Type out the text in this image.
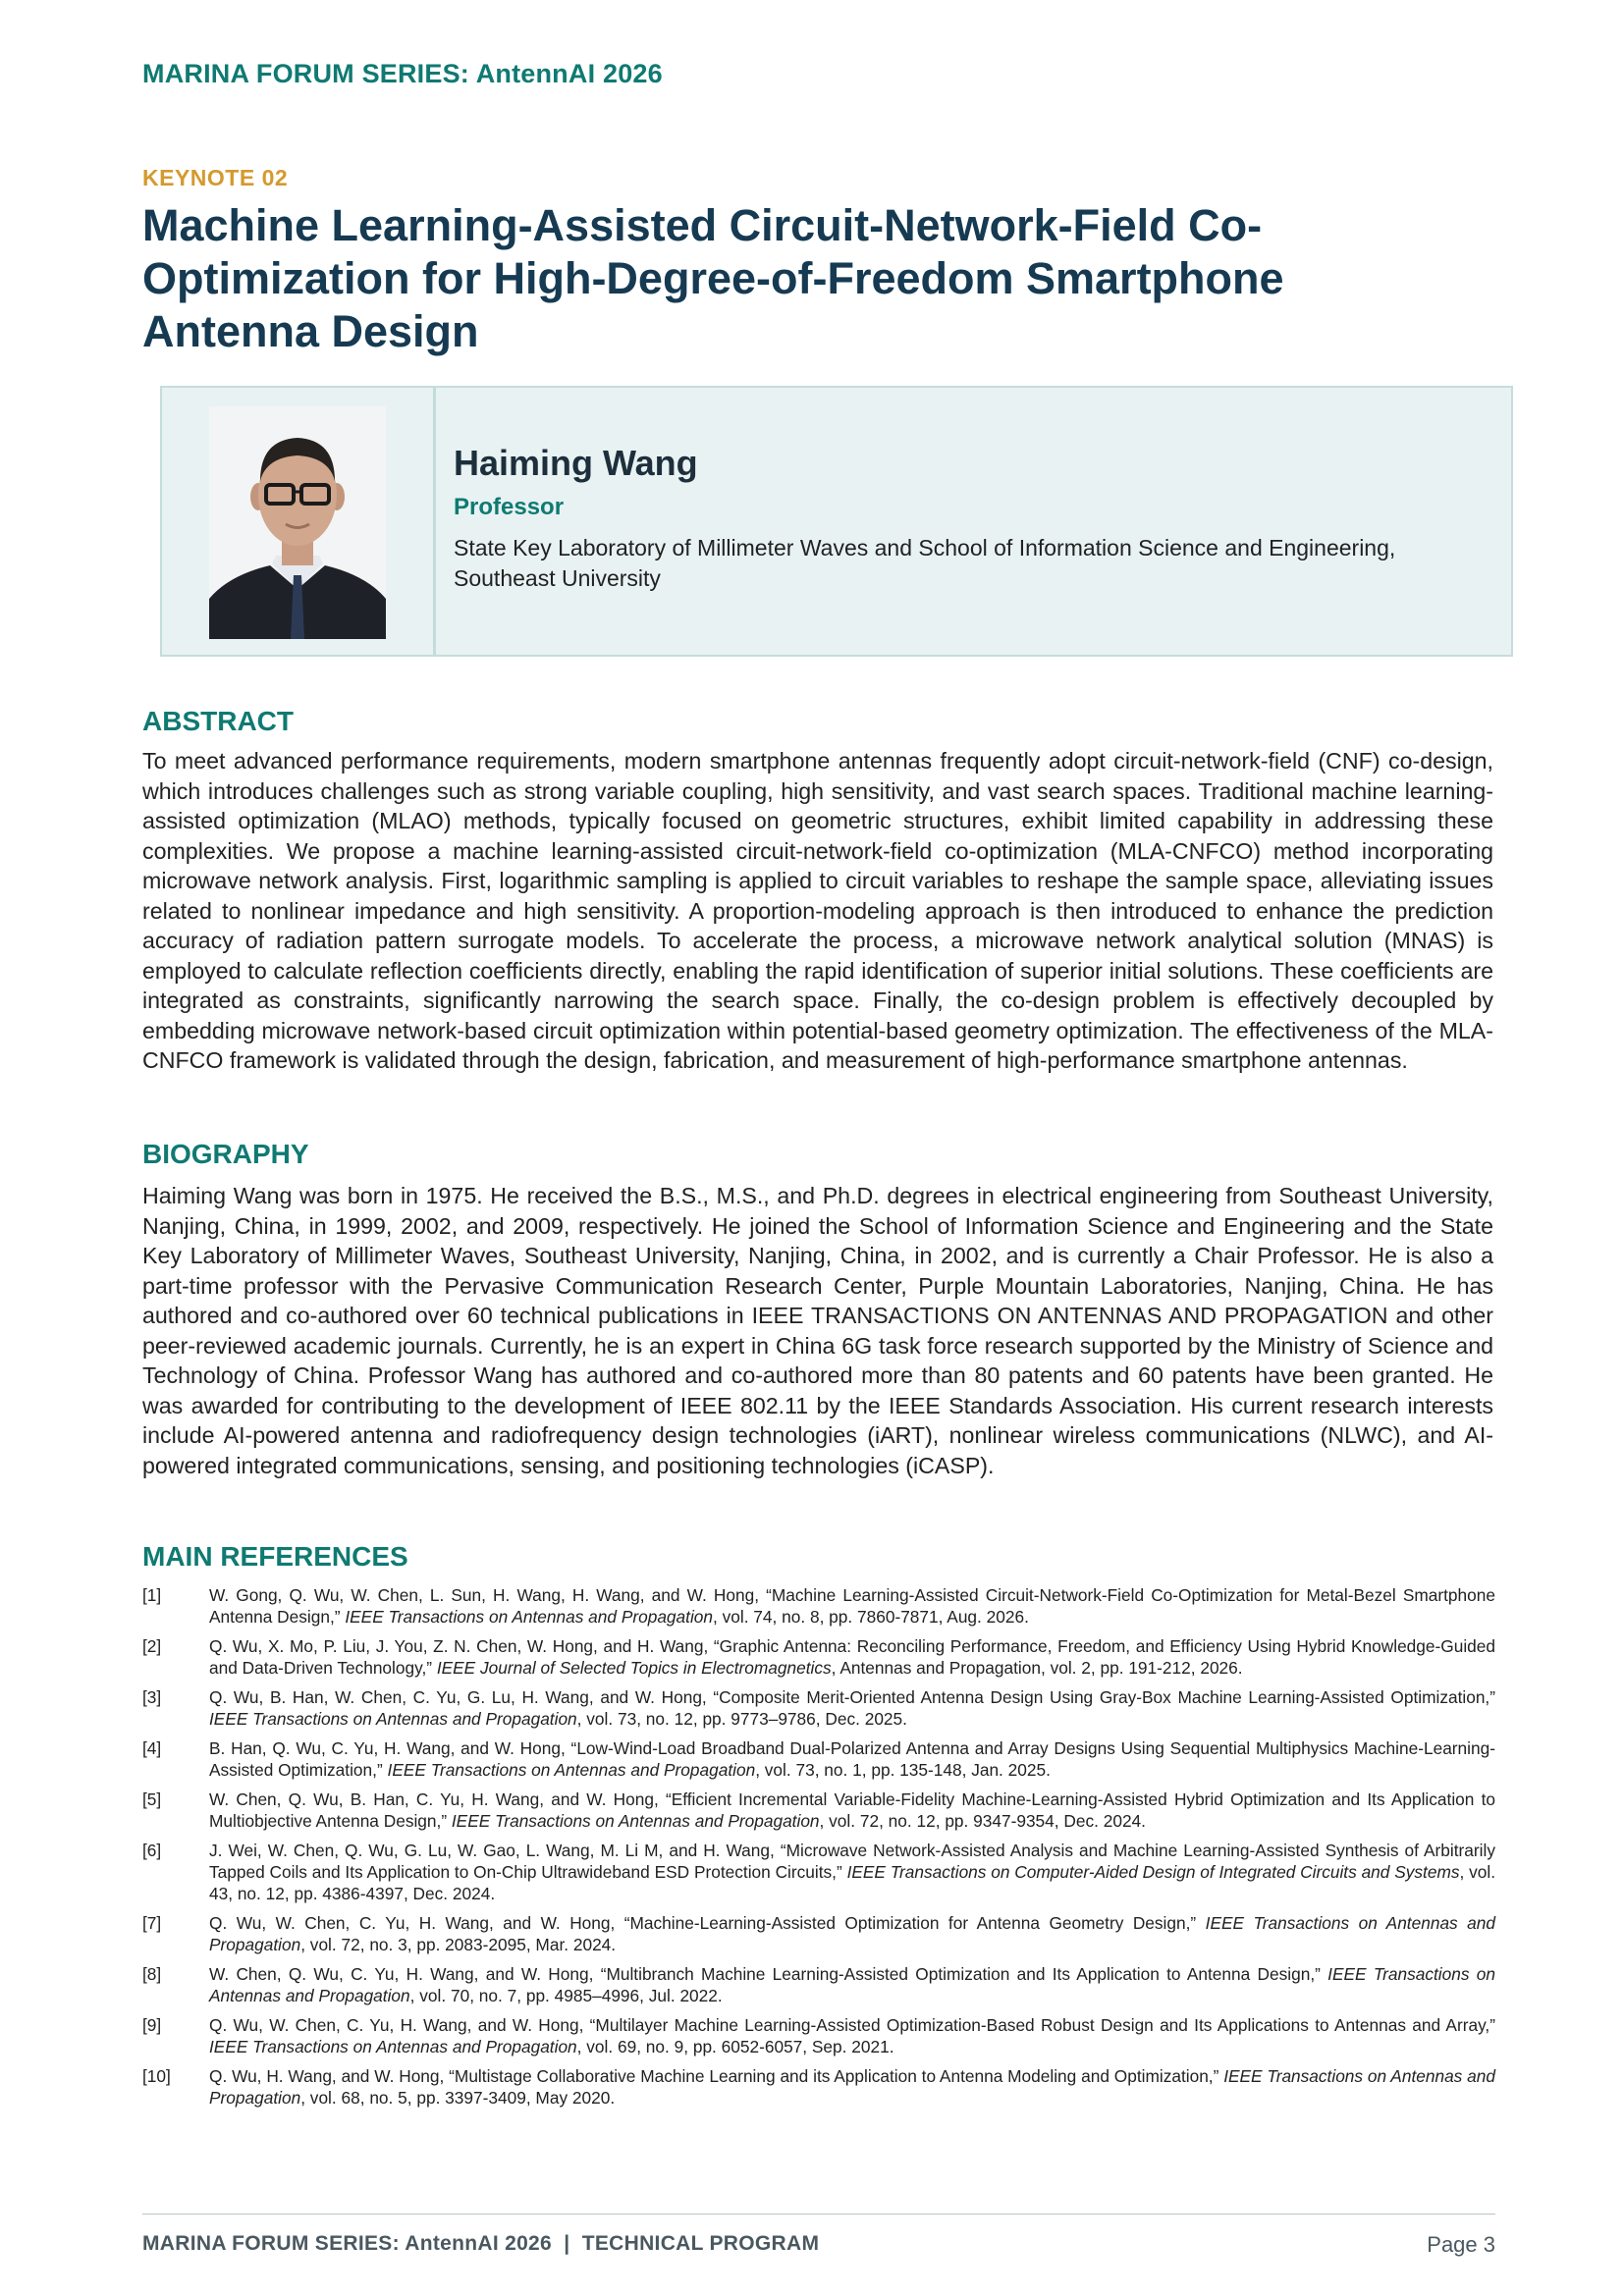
MARINA FORUM SERIES: AntennAI 2026
KEYNOTE 02
Machine Learning-Assisted Circuit-Network-Field Co-Optimization for High-Degree-of-Freedom Smartphone Antenna Design
Haiming Wang
Professor

State Key Laboratory of Millimeter Waves and School of Information Science and Engineering, Southeast University

ABSTRACT

To meet advanced performance requirements, modern smartphone antennas frequently adopt circuit-network-field (CNF) co-design, which introduces challenges such as strong variable coupling, high sensitivity, and vast search spaces. Traditional machine learning-assisted optimization (MLAO) methods, typically focused on geometric structures, exhibit limited capability in addressing these complexities. We propose a machine learning-assisted circuit-network-field co-optimization (MLA-CNFCO) method incorporating microwave network analysis. First, logarithmic sampling is applied to circuit variables to reshape the sample space, alleviating issues related to nonlinear impedance and high sensitivity. A proportion-modeling approach is then introduced to enhance the prediction accuracy of radiation pattern surrogate models. To accelerate the process, a microwave network analytical solution (MNAS) is employed to calculate reflection coefficients directly, enabling the rapid identification of superior initial solutions. These coefficients are integrated as constraints, significantly narrowing the search space. Finally, the co-design problem is effectively decoupled by embedding microwave network-based circuit optimization within potential-based geometry optimization. The effectiveness of the MLA-CNFCO framework is validated through the design, fabrication, and measurement of high-performance smartphone antennas.

BIOGRAPHY

Haiming Wang was born in 1975. He received the B.S., M.S., and Ph.D. degrees in electrical engineering from Southeast University, Nanjing, China, in 1999, 2002, and 2009, respectively. He joined the School of Information Science and Engineering and the State Key Laboratory of Millimeter Waves, Southeast University, Nanjing, China, in 2002, and is currently a Chair Professor. He is also a part-time professor with the Pervasive Communication Research Center, Purple Mountain Laboratories, Nanjing, China. He has authored and co-authored over 60 technical publications in IEEE TRANSACTIONS ON ANTENNAS AND PROPAGATION and other peer-reviewed academic journals. Currently, he is an expert in China 6G task force research supported by the Ministry of Science and Technology of China. Professor Wang has authored and co-authored more than 80 patents and 60 patents have been granted. He was awarded for contributing to the development of IEEE 802.11 by the IEEE Standards Association. His current research interests include AI-powered antenna and radiofrequency design technologies (iART), nonlinear wireless communications (NLWC), and AI-powered integrated communications, sensing, and positioning technologies (iCASP).

MAIN REFERENCES
[1]	W. Gong, Q. Wu, W. Chen, L. Sun, H. Wang, H. Wang, and W. Hong, “Machine Learning-Assisted Circuit-Network-Field Co-Optimization for Metal-Bezel Smartphone Antenna Design,” IEEE Transactions on Antennas and Propagation, vol. 74, no. 8, pp. 7860-7871, Aug. 2026.
[2]	Q. Wu, X. Mo, P. Liu, J. You, Z. N. Chen, W. Hong, and H. Wang, “Graphic Antenna: Reconciling Performance, Freedom, and Efficiency Using Hybrid Knowledge-Guided and Data-Driven Technology,” IEEE Journal of Selected Topics in Electromagnetics, Antennas and Propagation, vol. 2, pp. 191-212, 2026.
[3]	Q. Wu, B. Han, W. Chen, C. Yu, G. Lu, H. Wang, and W. Hong, “Composite Merit-Oriented Antenna Design Using Gray-Box Machine Learning-Assisted Optimization,” IEEE Transactions on Antennas and Propagation, vol. 73, no. 12, pp. 9773–9786, Dec. 2025.
[4]	B. Han, Q. Wu, C. Yu, H. Wang, and W. Hong, “Low-Wind-Load Broadband Dual-Polarized Antenna and Array Designs Using Sequential Multiphysics Machine-Learning-Assisted Optimization,” IEEE Transactions on Antennas and Propagation, vol. 73, no. 1, pp. 135-148, Jan. 2025.
[5]	W. Chen, Q. Wu, B. Han, C. Yu, H. Wang, and W. Hong, “Efficient Incremental Variable-Fidelity Machine-Learning-Assisted Hybrid Optimization and Its Application to Multiobjective Antenna Design,” IEEE Transactions on Antennas and Propagation, vol. 72, no. 12, pp. 9347-9354, Dec. 2024.
[6]	J. Wei, W. Chen, Q. Wu, G. Lu, W. Gao, L. Wang, M. Li M, and H. Wang, “Microwave Network-Assisted Analysis and Machine Learning-Assisted Synthesis of Arbitrarily Tapped Coils and Its Application to On-Chip Ultrawideband ESD Protection Circuits,” IEEE Transactions on Computer-Aided Design of Integrated Circuits and Systems, vol. 43, no. 12, pp. 4386-4397, Dec. 2024.
[7]	Q. Wu, W. Chen, C. Yu, H. Wang, and W. Hong, “Machine-Learning-Assisted Optimization for Antenna Geometry Design,” IEEE Transactions on Antennas and Propagation, vol. 72, no. 3, pp. 2083-2095, Mar. 2024.
[8]	W. Chen, Q. Wu, C. Yu, H. Wang, and W. Hong, “Multibranch Machine Learning-Assisted Optimization and Its Application to Antenna Design,” IEEE Transactions on Antennas and Propagation, vol. 70, no. 7, pp. 4985–4996, Jul. 2022.
[9]	Q. Wu, W. Chen, C. Yu, H. Wang, and W. Hong, “Multilayer Machine Learning-Assisted Optimization-Based Robust Design and Its Applications to Antennas and Array,” IEEE Transactions on Antennas and Propagation, vol. 69, no. 9, pp. 6052-6057, Sep. 2021.
[10]	Q. Wu, H. Wang, and W. Hong, “Multistage Collaborative Machine Learning and its Application to Antenna Modeling and Optimization,” IEEE Transactions on Antennas and Propagation, vol. 68, no. 5, pp. 3397-3409, May 2020.
MARINA FORUM SERIES: AntennAI 2026  |  TECHNICAL PROGRAM	Page 3
